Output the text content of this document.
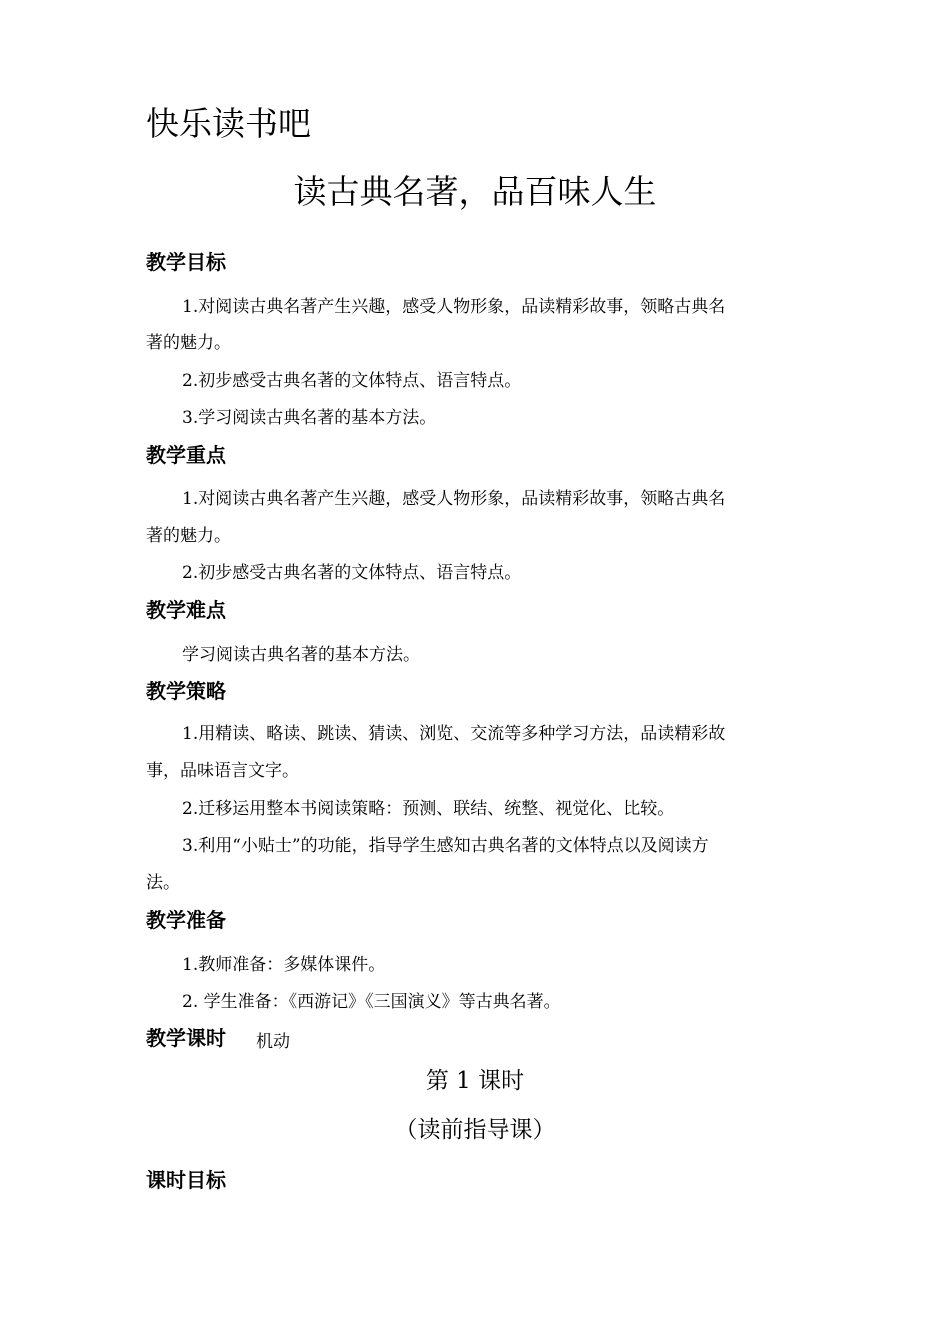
快乐读书吧
读古典名著，品百味人生
教学目标
1.对阅读古典名著产生兴趣，感受人物形象，品读精彩故事，领略古典名
著的魅力。
2.初步感受古典名著的文体特点、语言特点。
3.学习阅读古典名著的基本方法。
教学重点
1.对阅读古典名著产生兴趣，感受人物形象，品读精彩故事，领略古典名
著的魅力。
2.初步感受古典名著的文体特点、语言特点。
教学难点
学习阅读古典名著的基本方法。
教学策略
1.用精读、略读、跳读、猜读、浏览、交流等多种学习方法，品读精彩故
事，品味语言文字。
2.迁移运用整本书阅读策略：预测、联结、统整、视觉化、比较。
3.利用“小贴士”的功能，指导学生感知古典名著的文体特点以及阅读方
法。
教学准备
1.教师准备：多媒体课件。
2. 学生准备：《西游记》《三国演义》等古典名著。
教学课时 机动
第 1 课时
（读前指导课）
课时目标
